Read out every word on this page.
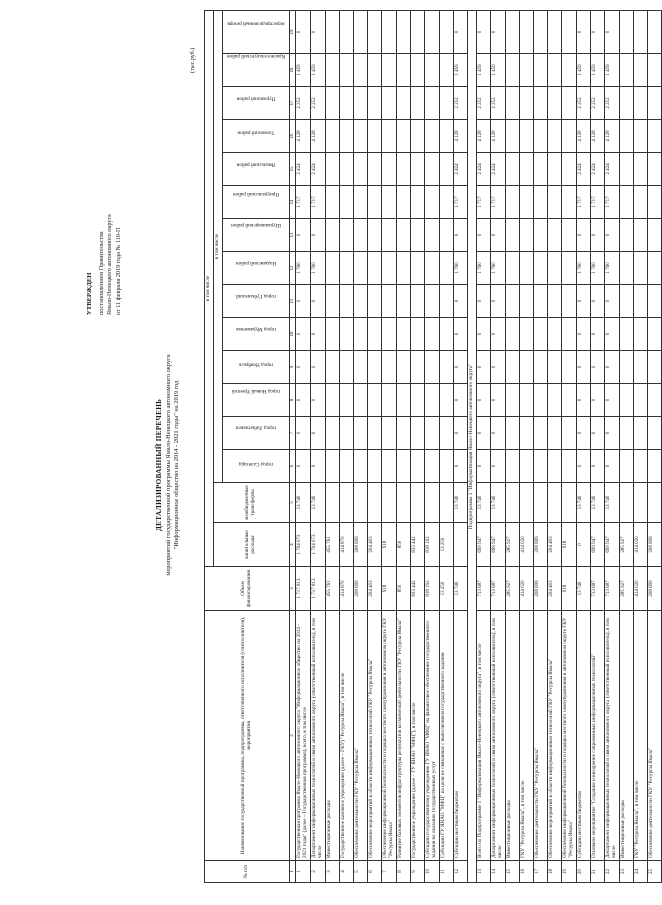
УТВЕРЖДЕН постановлением Правительства Ямало-Ненецкого автономного округа от 11 февраля 2019 года № 110-П
ДЕТАЛИЗИРОВАННЫЙ ПЕРЕЧЕНЬ мероприятий государственной программы Ямало-Ненецкого автономного округа "Информационное общество на 2014 - 2021 годы" на 2019 год
(тыс.руб.)
№ п/п	Наименование государственной программы, подпрограммы, ответственного исполнителя (соисполнителя), мероприятия	Объем финансирования	в том числе															
			капитальные расходы	межбюджетные трансферты	в том числе													
					город Салехард	город Лабытнанги	город Новый Уренгой	город Ноябрьск	город Муравленко	город Губкинский	Надымский район	Шурышкарский район	Приуральский район	Ямальский район	Тазовский район	Пуровский район	Красноселькупский район	нераспределенный резерв
1	2	3	4	5	6	7	8	9	10	11	12	13	14	15	16	17	18	19
1	Государственная программа Ямало-Ненецкого автономного округа "Информационное общество на 2014 - 2021 годы" (далее – Государственная программа), всего, в том числе	1 717 813	1 704 073	13 740	0	0	0	0	0	0	1 760	0	1 717	2 424	4 128	2 252	1 459	0
2	Департамент информационных технологий и связи автономного округа (ответственный исполнитель), в том числе	1 717 813	1 704 073	13 740	0	0	0	0	0	0	1 760	0	1 717	2 424	4 128	2 252	1 459	0
3	Инвестиционные расходы	455 761	455 761															
4	Государственное казенное учреждение (далее – ГКУ) "Ресурсы Ямала", в том числе	414 870	414 870															
5	Обеспечение деятельности ГКУ "Ресурсы Ямала"	208 699	208 699															
6	Обеспечение мероприятий в области информационных технологий ГКУ "Ресурсы Ямала"	204 403	204 403															
7	Обеспечение информационной безопасности и порядка местного самоуправления в автономном округе ГКУ "Ресурсы Ямала"	918	918															
8	Развитие базовых элементов инфраструктуры результатов космической деятельности ГКУ "Ресурсы Ямала"	850	850															
9	Государственное учреждение (далее – ГУ ЯНАО "МФЦ"), в том числе	833 442	833 442															
10	Субсидии государственному учреждению ГУ ЯНАО "МФЦ" на финансовое обеспечение государственного задания на оказание государственных услуг	818 192	818 192															
11	Субсидии ГУ ЯНАО "МФЦ" на цели не связанные с выполнением государственного задания	13 250	13 250															
12	Субсидии местным бюджетам	13 740		13 740	0	0	0	0	0	0	1 760	0	1 717	2 424	4 128	2 252	1 459	0
Подпрограмма 1 "Информатизация Ямало-Ненецкого автономного округа"																		
13	Всего по Подпрограмме 1 "Информатизация Ямало-Ненецкого автономного округа", в том числе	713 687	699 947	13 740	0	0	0	0	0	0	1 760	0	1 717	2 424	4 128	2 252	1 459	0
14	Департамент информационных технологий и связи автономного округа (ответственный исполнитель), в том числе	713 687	699 947	13 740	0	0	0	0	0	0	1 760	0	1 717	2 424	4 128	2 252	1 459	0
15	Инвестиционные расходы	285 927	285 927															
16	ГКУ "Ресурсы Ямала", в том числе	414 020	414 020															
17	Обеспечение деятельности ГКУ "Ресурсы Ямала"	208 699	208 699															
18	Обеспечение мероприятий в области информационных технологий ГКУ "Ресурсы Ямала"	204 403	204 403															
19	Обеспечение информационной безопасности и порядка местного самоуправления в автономном округе ГКУ "Ресурсы Ямала"	918	918															
20	Субсидии местным бюджетам	13 740	0	13 740	0	0	0	0	0	0	1 760	0	1 717	2 424	4 128	2 252	1 459	0
21	Основное мероприятие "Создание и внедрение современных информационных технологий"	713 687	699 947	13 740	0	0	0	0	0	0	1 760	0	1 717	2 424	4 128	2 252	1 459	0
22	Департамент информационных технологий и связи автономного округа (ответственный исполнитель), в том числе	713 687	699 947	13 740	0	0	0	0	0	0	1 760	0	1 717	2 424	4 128	2 252	1 459	0
23	Инвестиционные расходы	285 927	285 927															
24	ГКУ "Ресурсы Ямала", в том числе	414 020	414 020															
25	Обеспечение деятельности ГКУ "Ресурсы Ямала"	208 699	208 699															
